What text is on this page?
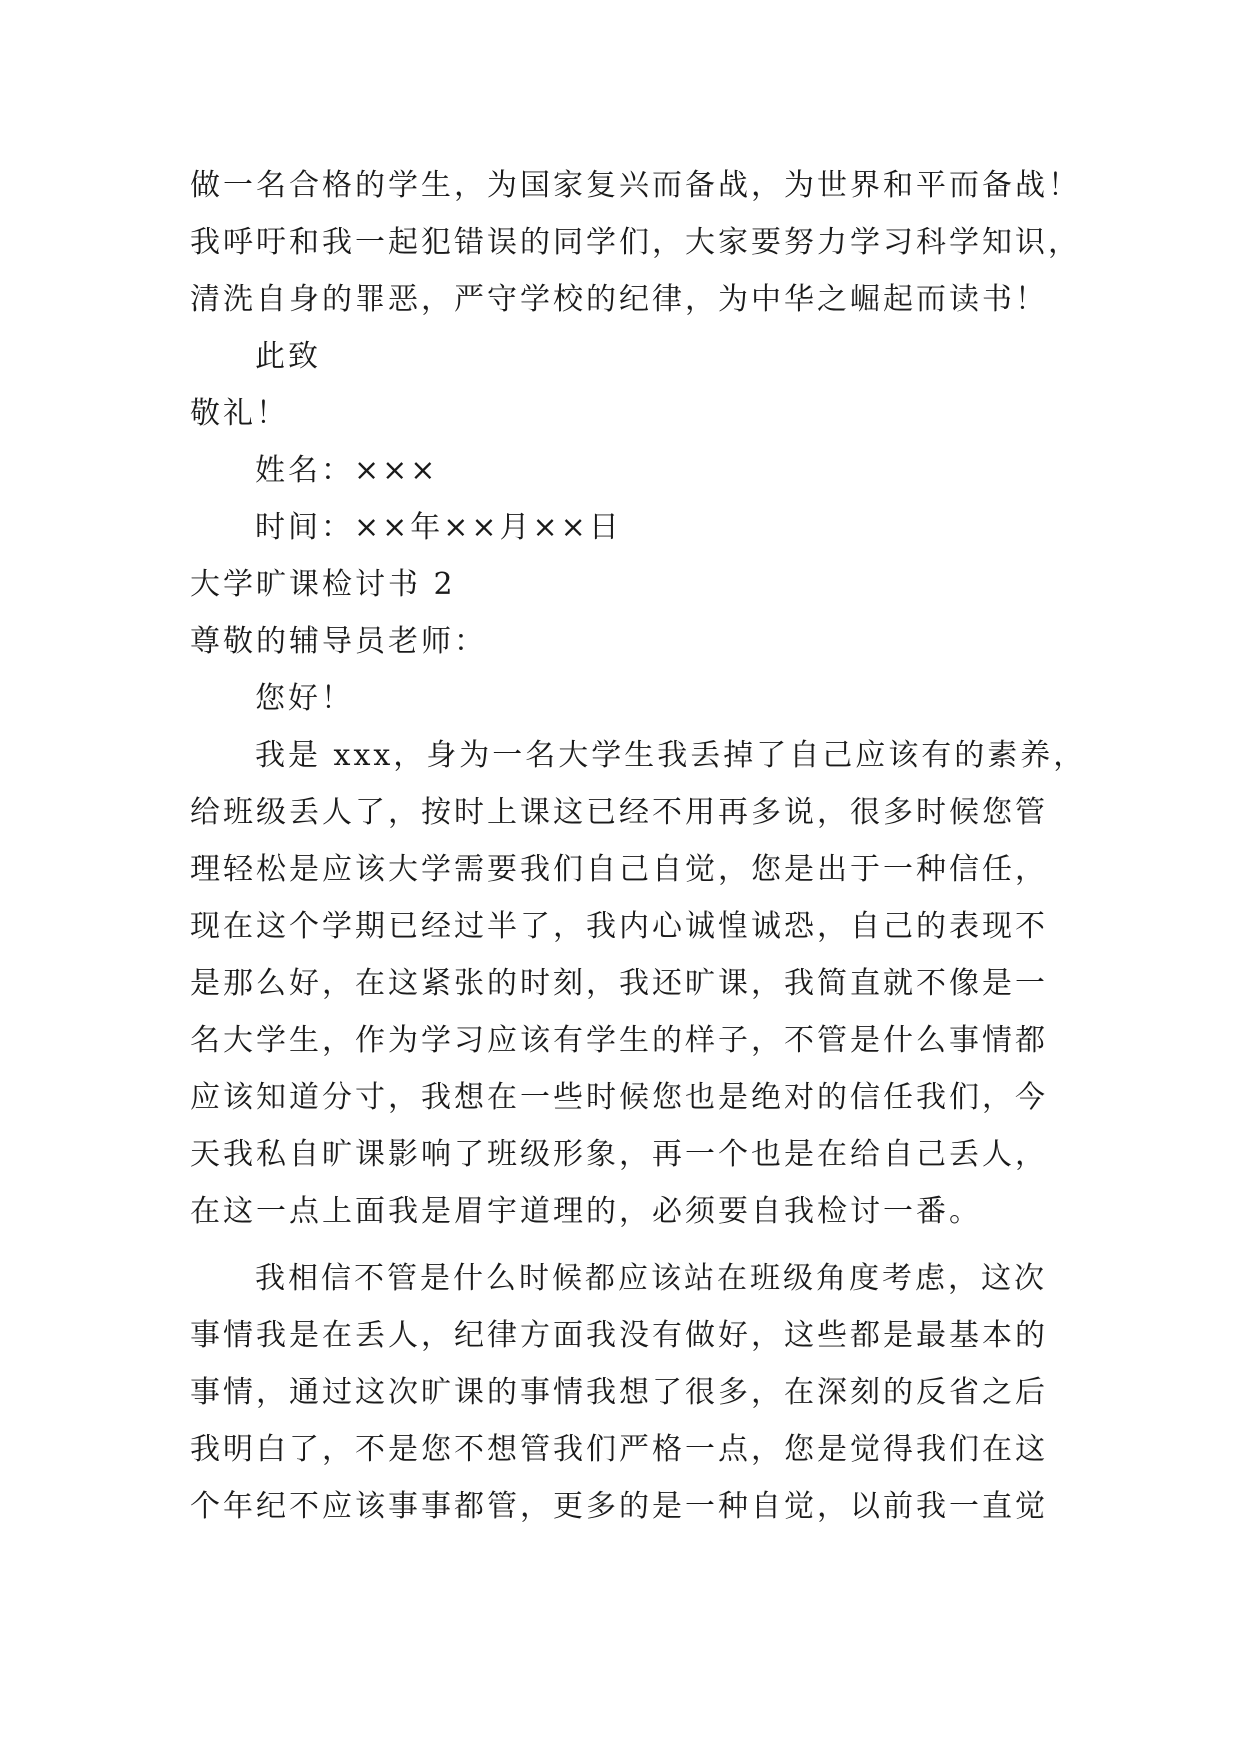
做一名合格的学生，为国家复兴而备战，为世界和平而备战！
我呼吁和我一起犯错误的同学们，大家要努力学习科学知识，
清洗自身的罪恶，严守学校的纪律，为中华之崛起而读书！
此致
敬礼！
姓名：×××
时间：××年××月××日
大学旷课检讨书 2
尊敬的辅导员老师：
您好！
我是 xxx，身为一名大学生我丢掉了自己应该有的素养，
给班级丢人了，按时上课这已经不用再多说，很多时候您管
理轻松是应该大学需要我们自己自觉，您是出于一种信任，
现在这个学期已经过半了，我内心诚惶诚恐，自己的表现不
是那么好，在这紧张的时刻，我还旷课，我简直就不像是一
名大学生，作为学习应该有学生的样子，不管是什么事情都
应该知道分寸，我想在一些时候您也是绝对的信任我们，今
天我私自旷课影响了班级形象，再一个也是在给自己丢人，
在这一点上面我是眉宇道理的，必须要自我检讨一番。
我相信不管是什么时候都应该站在班级角度考虑，这次
事情我是在丢人，纪律方面我没有做好，这些都是最基本的
事情，通过这次旷课的事情我想了很多，在深刻的反省之后
我明白了，不是您不想管我们严格一点，您是觉得我们在这
个年纪不应该事事都管，更多的是一种自觉，以前我一直觉
